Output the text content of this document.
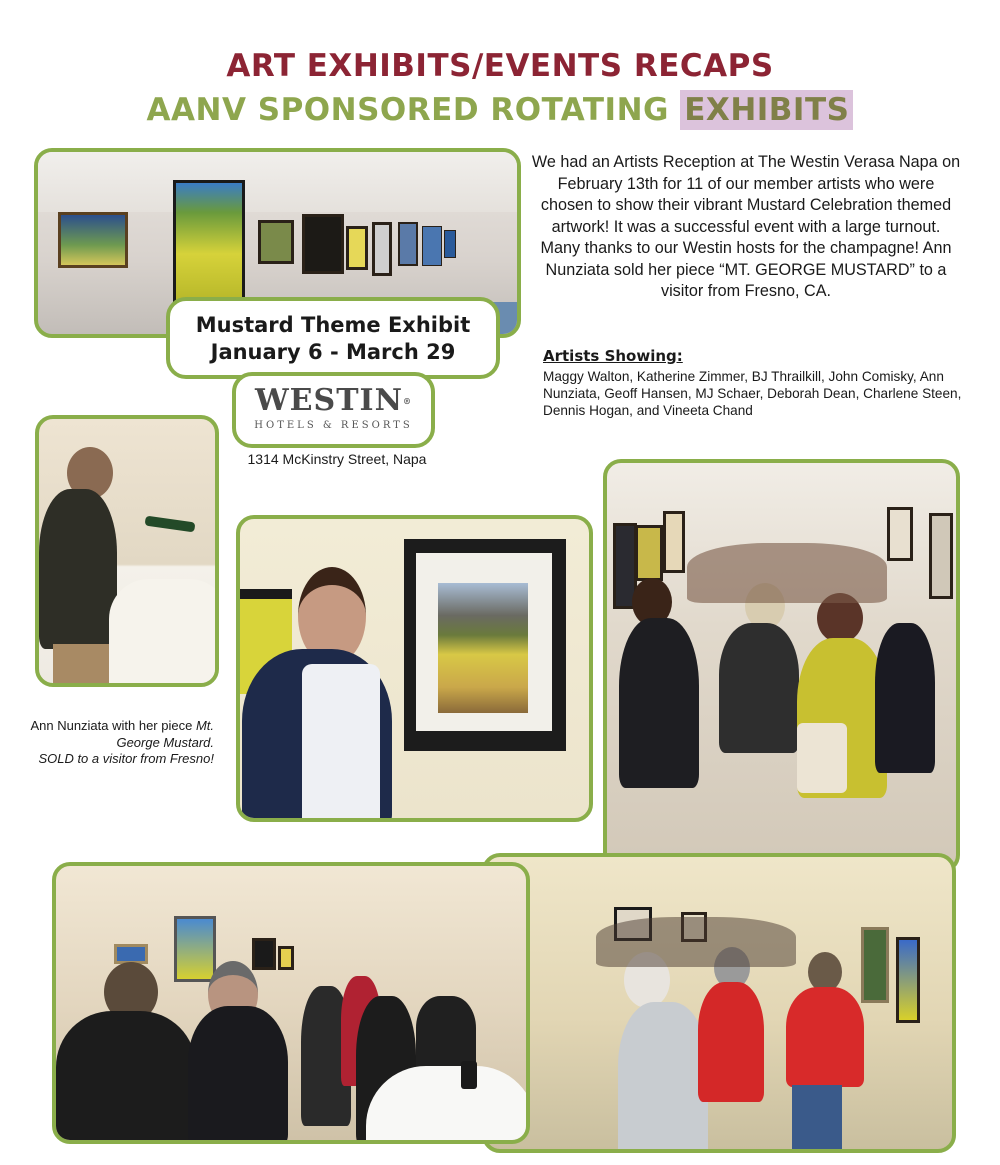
ART EXHIBITS/EVENTS RECAPS
AANV SPONSORED ROTATING EXHIBITS
Mustard Theme Exhibit
January 6 - March 29
WESTIN®
HOTELS & RESORTS
1314 McKinstry Street, Napa
We had an Artists Reception at The Westin Verasa Napa on February 13th for 11 of our member artists who were chosen to show their vibrant Mustard Celebration themed artwork! It was a successful event with a large turnout. Many thanks to our Westin hosts for the champagne! Ann Nunziata sold her piece “MT. GEORGE MUSTARD” to a visitor from Fresno, CA.
Artists Showing:
Maggy Walton, Katherine Zimmer, BJ Thrailkill, John Comisky, Ann Nunziata, Geoff Hansen, MJ Schaer, Deborah Dean, Charlene Steen, Dennis Hogan, and Vineeta Chand
Ann Nunziata with her piece Mt. George Mustard.
SOLD to a visitor from Fresno!
